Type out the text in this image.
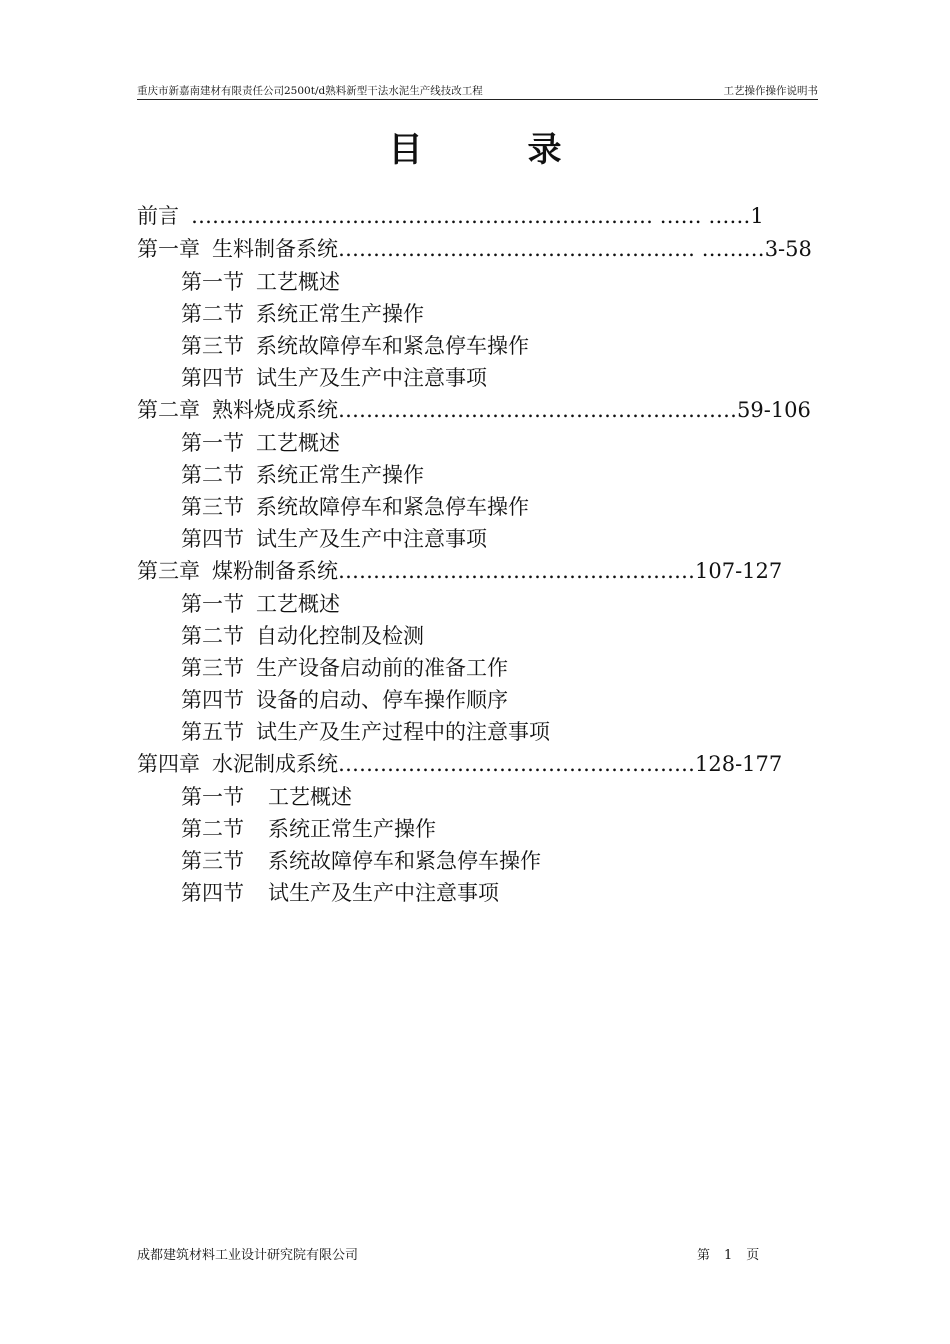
重庆市新嘉南建材有限责任公司2500t/d熟料新型干法水泥生产线技改工程	工艺操作操作说明书
目	录
前言 ………………………………………………………… …… ……1
第一章 生料制备系统…………………………………………… ………3-58
第一节 工艺概述
第二节 系统正常生产操作
第三节 系统故障停车和紧急停车操作
第四节 试生产及生产中注意事项
第二章 熟料烧成系统…………………………………………………59-106
第一节 工艺概述
第二节 系统正常生产操作
第三节 系统故障停车和紧急停车操作
第四节 试生产及生产中注意事项
第三章 煤粉制备系统……………………………………………107-127
第一节 工艺概述
第二节 自动化控制及检测
第三节 生产设备启动前的准备工作
第四节 设备的启动、停车操作顺序
第五节 试生产及生产过程中的注意事项
第四章 水泥制成系统……………………………………………128-177
第一节 工艺概述
第二节 系统正常生产操作
第三节 系统故障停车和紧急停车操作
第四节 试生产及生产中注意事项
成都建筑材料工业设计研究院有限公司	第 1 页
